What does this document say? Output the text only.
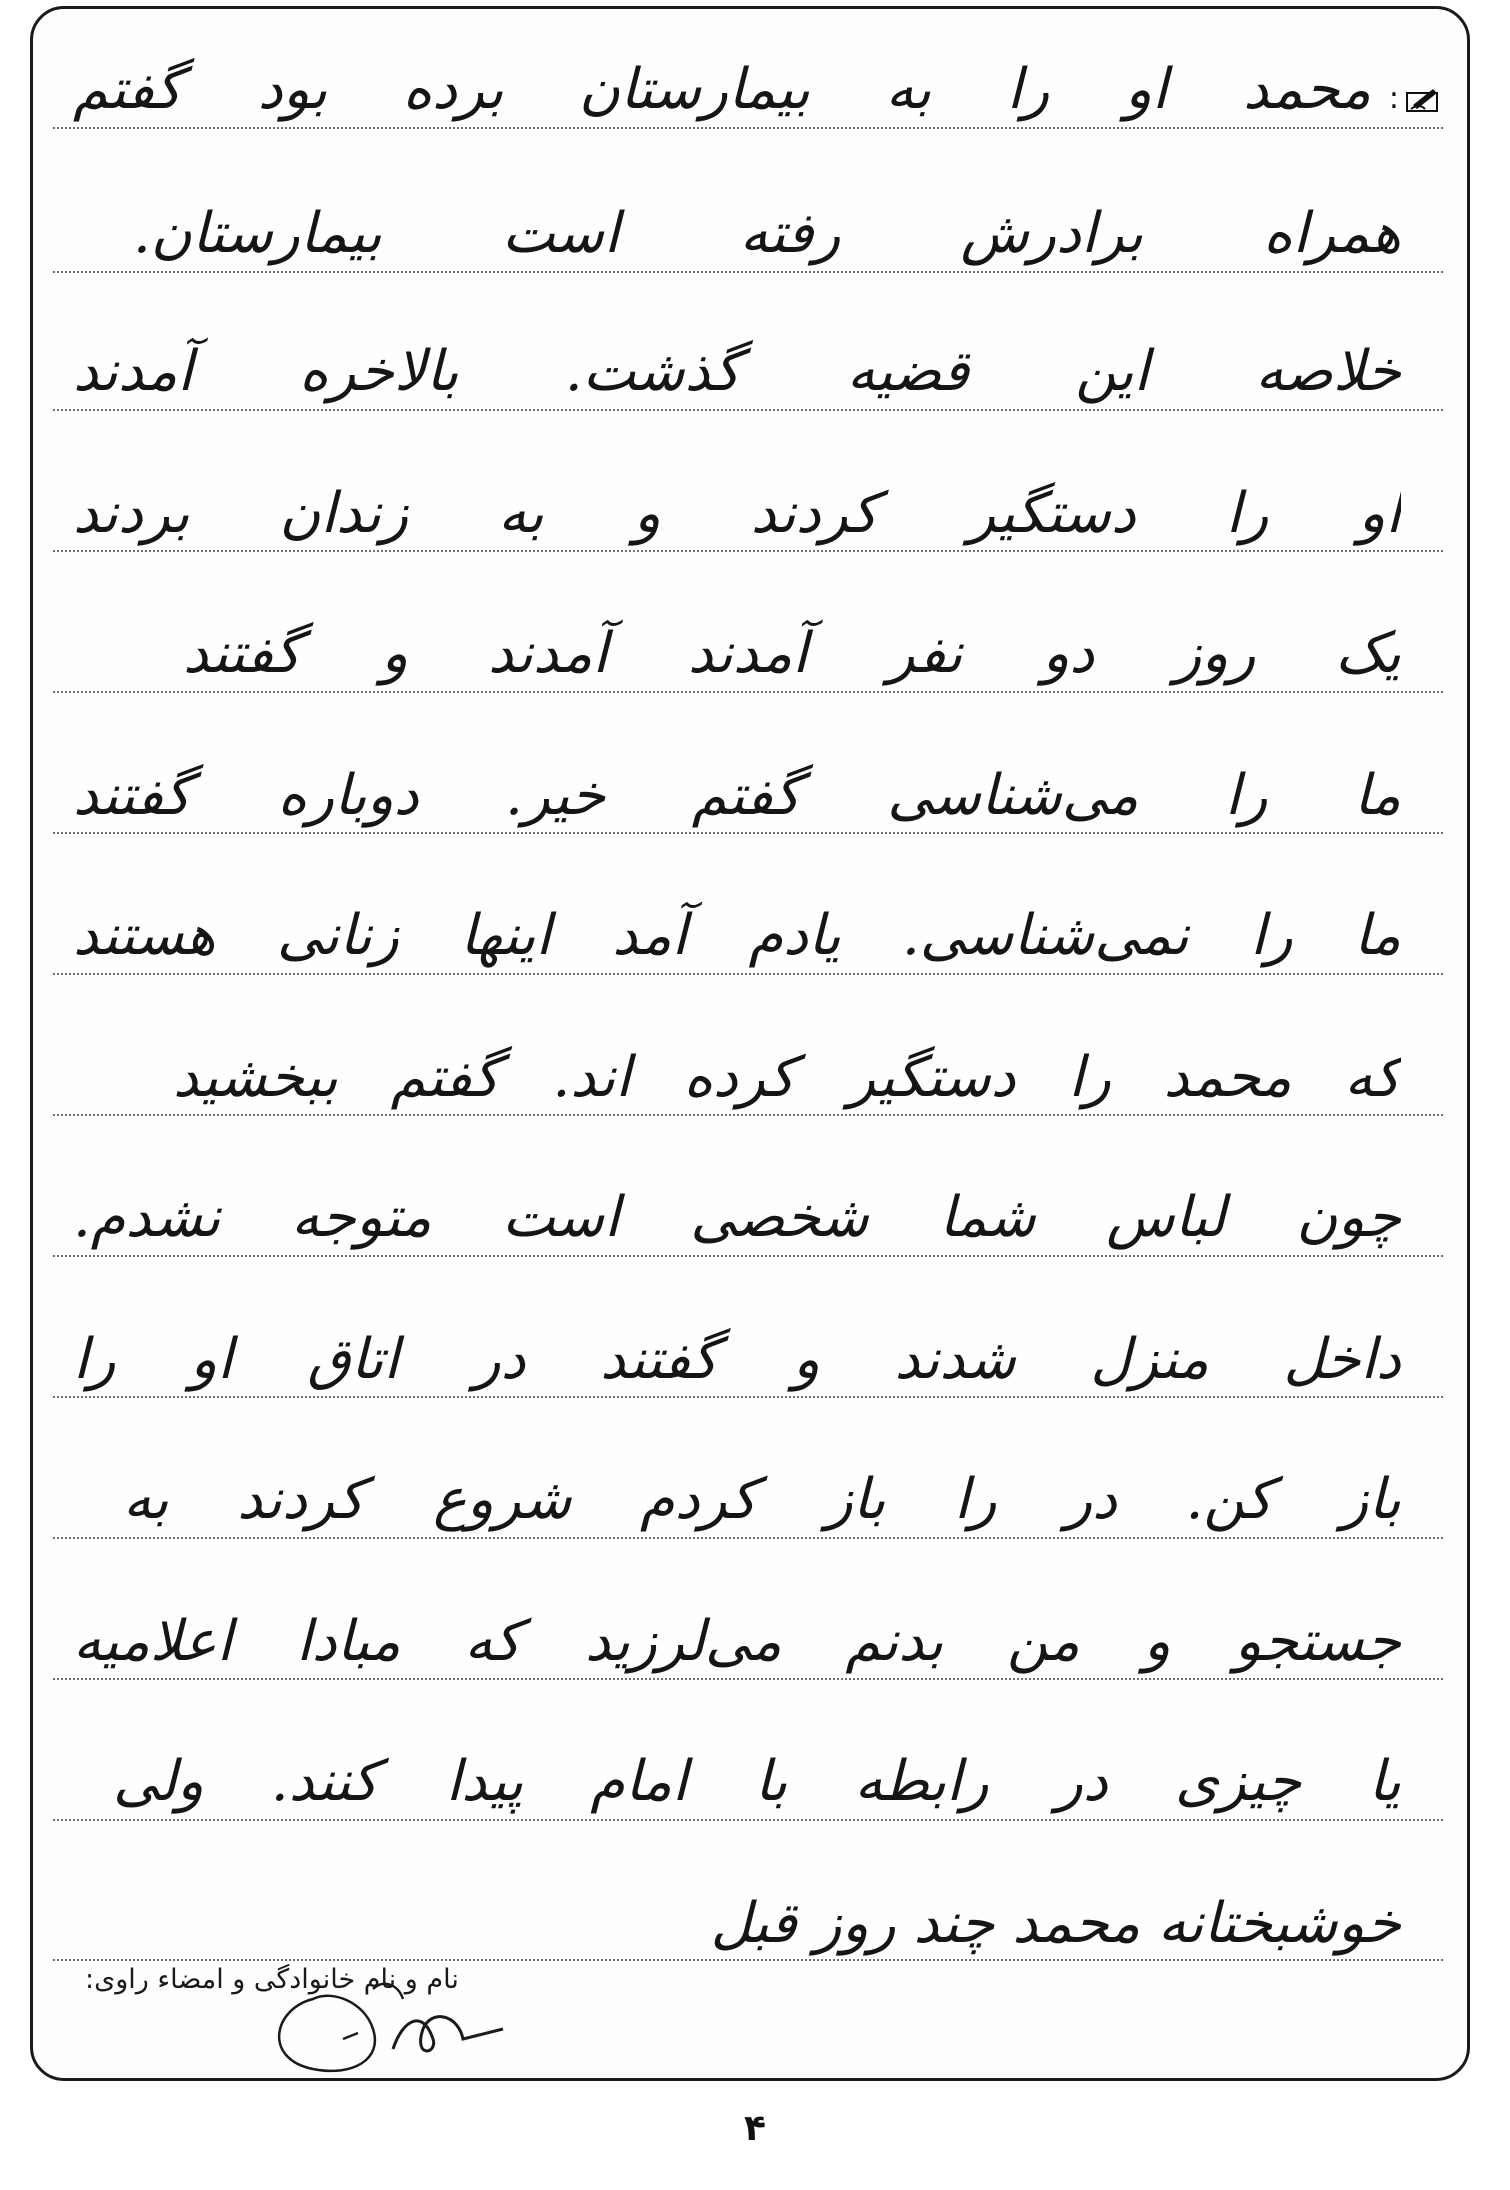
:
محمد او را به بیمارستان برده بود گفتم
همراه برادرش رفته است بیمارستان.
خلاصه این قضیه گذشت. بالاخره آمدند
او را دستگیر کردند و به زندان بردند
یک روز دو نفر آمدند آمدند و گفتند
ما را می‌شناسی گفتم خیر. دوباره گفتند
ما را نمی‌شناسی. یادم آمد اینها زنانی هستند
که محمد را دستگیر کرده اند. گفتم ببخشید
چون لباس شما شخصی است متوجه نشدم.
داخل منزل شدند و گفتند در اتاق او را
باز کن. در را باز کردم شروع کردند به
جستجو و من بدنم می‌لرزید که مبادا اعلامیه
یا چیزی در رابطه با امام پیدا کنند. ولی
خوشبختانه محمد چند روز قبل
نام و نام خانوادگی و امضاء راوی:
۴
